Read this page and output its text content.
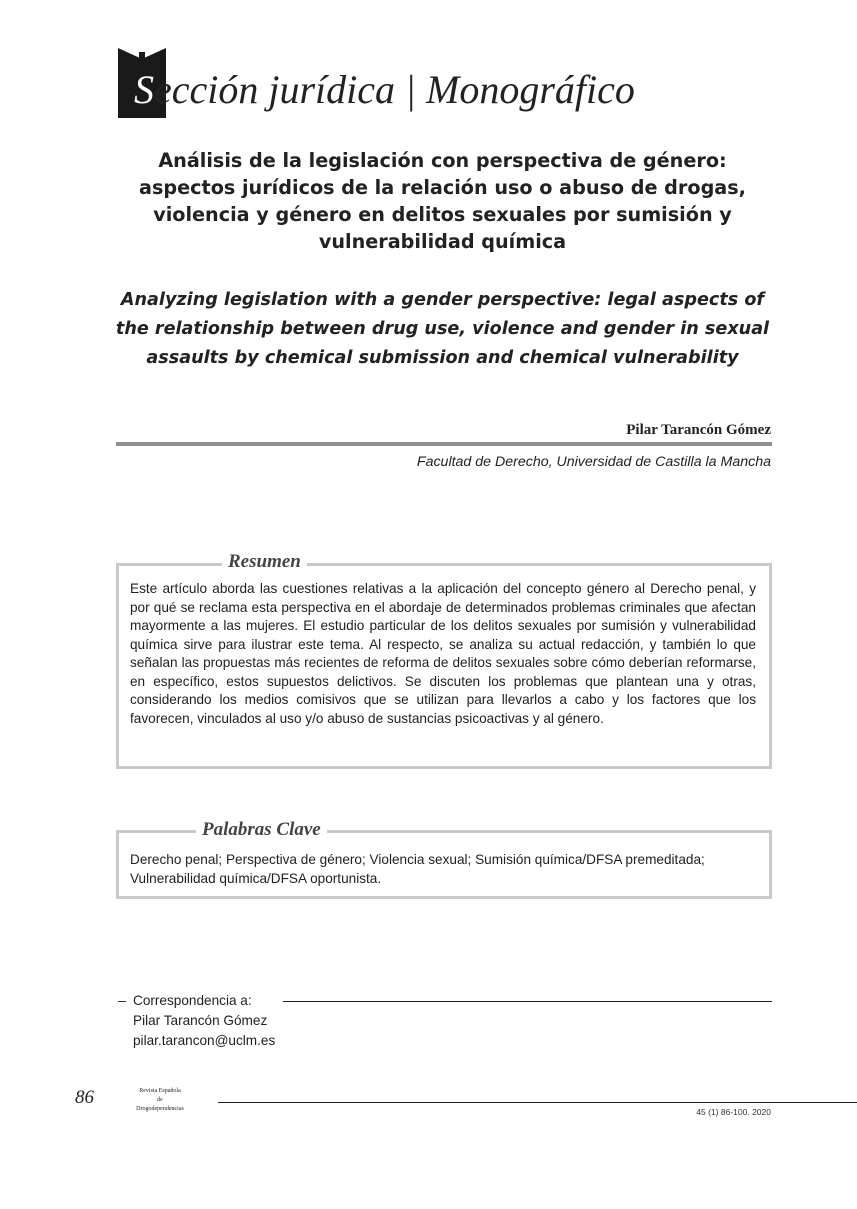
Sección jurídica | Monográfico
Análisis de la legislación con perspectiva de género: aspectos jurídicos de la relación uso o abuso de drogas, violencia y género en delitos sexuales por sumisión y vulnerabilidad química
Analyzing legislation with a gender perspective: legal aspects of the relationship between drug use, violence and gender in sexual assaults by chemical submission and chemical vulnerability
Pilar Tarancón Gómez
Facultad de Derecho, Universidad de Castilla la Mancha
Resumen
Este artículo aborda las cuestiones relativas a la aplicación del concepto género al Derecho penal, y por qué se reclama esta perspectiva en el abordaje de determinados problemas criminales que afectan mayormente a las mujeres. El estudio particular de los delitos sexuales por sumisión y vulnerabilidad química sirve para ilustrar este tema. Al respecto, se analiza su actual redacción, y también lo que señalan las propuestas más recientes de reforma de delitos sexuales sobre cómo deberían reformarse, en específico, estos supuestos delictivos. Se discuten los problemas que plantean una y otras, considerando los medios comisivos que se utilizan para llevarlos a cabo y los factores que los favorecen, vinculados al uso y/o abuso de sustancias psicoactivas y al género.
Palabras Clave
Derecho penal; Perspectiva de género; Violencia sexual; Sumisión química/DFSA premeditada; Vulnerabilidad química/DFSA oportunista.
Correspondencia a:
Pilar Tarancón Gómez
pilar.tarancon@uclm.es
86	Revista Española
de
Drogodependencias	45 (1) 86-100. 2020
